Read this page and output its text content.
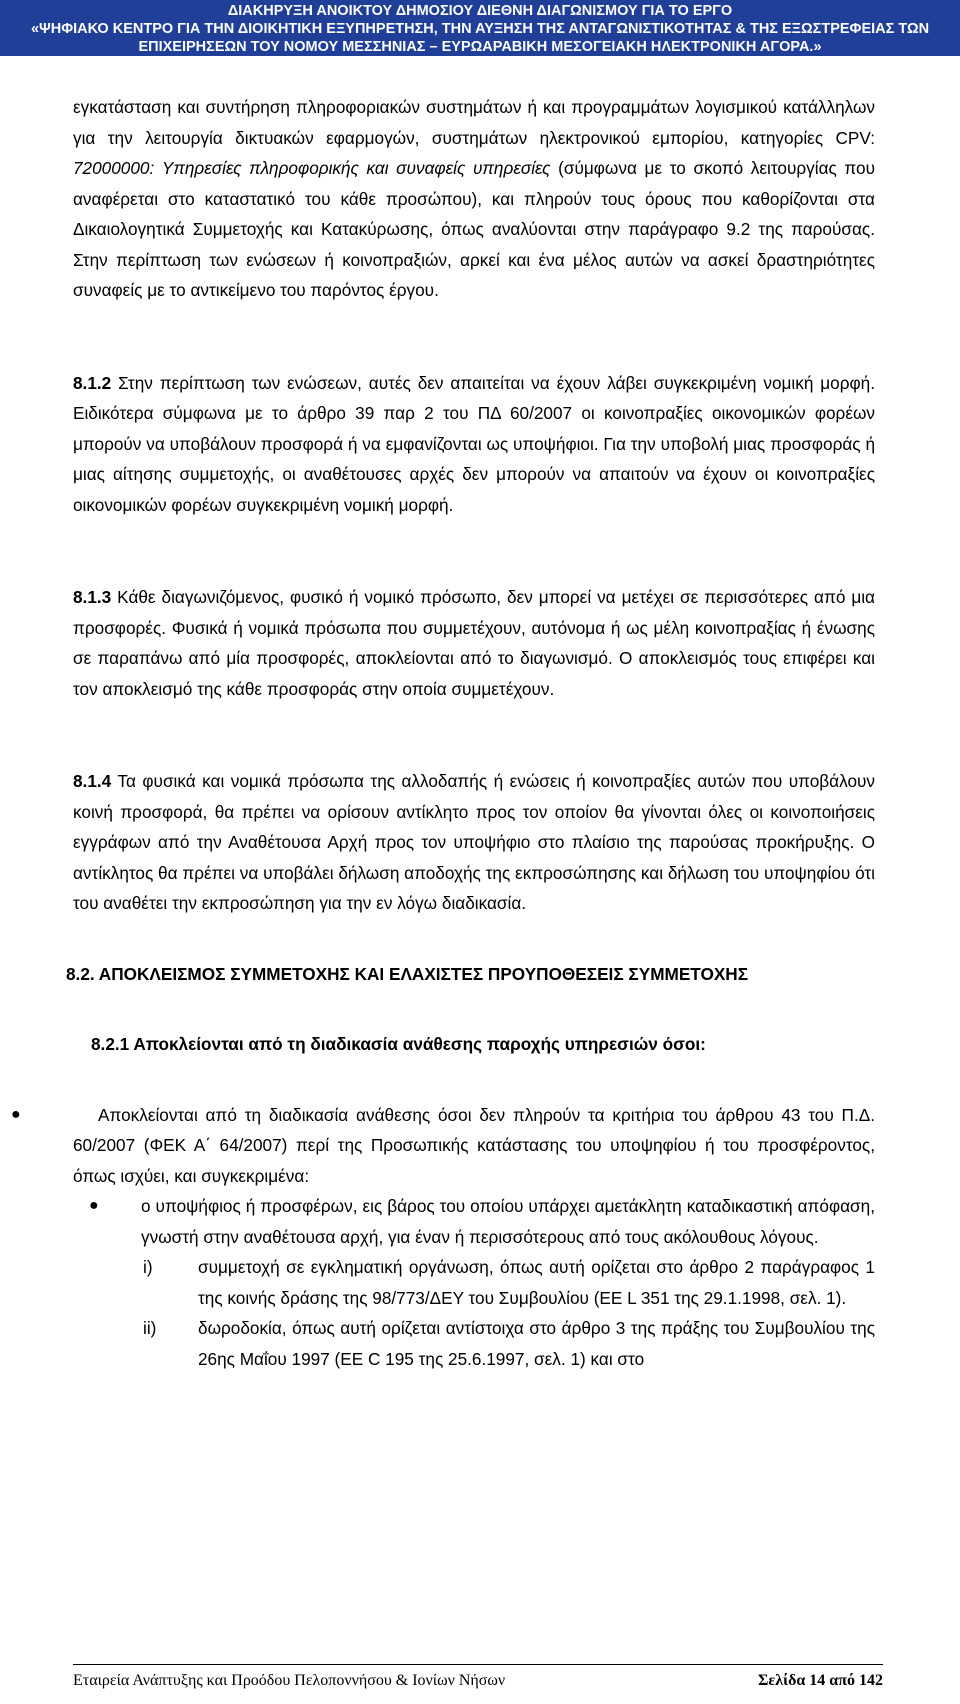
ΔΙΑΚΗΡΥΞΗ ΑΝΟΙΚΤΟΥ ΔΗΜΟΣΙΟΥ ΔΙΕΘΝΗ ΔΙΑΓΩΝΙΣΜΟΥ ΓΙΑ ΤΟ ΕΡΓΟ
«ΨΗΦΙΑΚΟ ΚΕΝΤΡΟ ΓΙΑ ΤΗΝ ΔΙΟΙΚΗΤΙΚΗ ΕΞΥΠΗΡΕΤΗΣΗ, ΤΗΝ ΑΥΞΗΣΗ ΤΗΣ ΑΝΤΑΓΩΝΙΣΤΙΚΟΤΗΤΑΣ & ΤΗΣ ΕΞΩΣΤΡΕΦΕΙΑΣ ΤΩΝ
ΕΠΙΧΕΙΡΗΣΕΩΝ ΤΟΥ ΝΟΜΟΥ ΜΕΣΣΗΝΙΑΣ – ΕΥΡΩΑΡΑΒΙΚΗ ΜΕΣΟΓΕΙΑΚΗ ΗΛΕΚΤΡΟΝΙΚΗ ΑΓΟΡΑ.»

εγκατάσταση και συντήρηση πληροφοριακών συστημάτων ή και προγραμμάτων λογισμικού κατάλληλων για την λειτουργία δικτυακών εφαρμογών, συστημάτων ηλεκτρονικού εμπορίου, κατηγορίες CPV: 72000000: Υπηρεσίες πληροφορικής και συναφείς υπηρεσίες (σύμφωνα με το σκοπό λειτουργίας που αναφέρεται στο καταστατικό του κάθε προσώπου), και πληρούν τους όρους που καθορίζονται στα Δικαιολογητικά Συμμετοχής και Κατακύρωσης, όπως αναλύονται στην παράγραφο 9.2 της παρούσας. Στην περίπτωση των ενώσεων ή κοινοπραξιών, αρκεί και ένα μέλος αυτών να ασκεί δραστηριότητες συναφείς με το αντικείμενο του παρόντος έργου.

8.1.2 Στην περίπτωση των ενώσεων, αυτές δεν απαιτείται να έχουν λάβει συγκεκριμένη νομική μορφή. Ειδικότερα σύμφωνα με το άρθρο 39 παρ 2 του ΠΔ 60/2007 οι κοινοπραξίες οικονομικών φορέων μπορούν να υποβάλουν προσφορά ή να εμφανίζονται ως υποψήφιοι. Για την υποβολή μιας προσφοράς ή μιας αίτησης συμμετοχής, οι αναθέτουσες αρχές δεν μπορούν να απαιτούν να έχουν οι κοινοπραξίες οικονομικών φορέων συγκεκριμένη νομική μορφή.

8.1.3 Κάθε διαγωνιζόμενος, φυσικό ή νομικό πρόσωπο, δεν μπορεί να μετέχει σε περισσότερες από μια προσφορές. Φυσικά ή νομικά πρόσωπα που συμμετέχουν, αυτόνομα ή ως μέλη κοινοπραξίας ή ένωσης σε παραπάνω από μία προσφορές, αποκλείονται από το διαγωνισμό. Ο αποκλεισμός τους επιφέρει και τον αποκλεισμό της κάθε προσφοράς στην οποία συμμετέχουν.

8.1.4 Τα φυσικά και νομικά πρόσωπα της αλλοδαπής ή ενώσεις ή κοινοπραξίες αυτών που υποβάλουν κοινή προσφορά, θα πρέπει να ορίσουν αντίκλητο προς τον οποίον θα γίνονται όλες οι κοινοποιήσεις εγγράφων από την Αναθέτουσα Αρχή προς τον υποψήφιο στο πλαίσιο της παρούσας προκήρυξης. Ο αντίκλητος θα πρέπει να υποβάλει δήλωση αποδοχής της εκπροσώπησης και δήλωση του υποψηφίου ότι του αναθέτει την εκπροσώπηση για την εν λόγω διαδικασία.

8.2. ΑΠΟΚΛΕΙΣΜΟΣ ΣΥΜΜΕΤΟΧΗΣ ΚΑΙ ΕΛΑΧΙΣΤΕΣ ΠΡΟΥΠΟΘΕΣΕΙΣ ΣΥΜΜΕΤΟΧΗΣ
8.2.1 Αποκλείονται από τη διαδικασία ανάθεσης παροχής υπηρεσιών όσοι:
●	Αποκλείονται από τη διαδικασία ανάθεσης όσοι δεν πληρούν τα κριτήρια του άρθρου 43 του Π.Δ. 60/2007 (ΦΕΚ Α΄ 64/2007) περί της Προσωπικής κατάστασης του υποψηφίου ή του προσφέροντος, όπως ισχύει, και συγκεκριμένα:

● ο υποψήφιος ή προσφέρων, εις βάρος του οποίου υπάρχει αμετάκλητη καταδικαστική απόφαση, γνωστή στην αναθέτουσα αρχή, για έναν ή περισσότερους από τους ακόλουθους λόγους.

i)	συμμετοχή σε εγκληματική οργάνωση, όπως αυτή ορίζεται στο άρθρο 2 παράγραφος 1 της κοινής δράσης της 98/773/ΔΕΥ του Συμβουλίου (ΕΕ L 351 της 29.1.1998, σελ. 1).

ii) δωροδοκία, όπως αυτή ορίζεται αντίστοιχα στο άρθρο 3 της πράξης του Συμβουλίου της 26ης Μαΐου 1997 (ΕΕ C 195 της 25.6.1997, σελ. 1) και στο

Εταιρεία Ανάπτυξης και Προόδου Πελοποννήσου & Ιονίων Νήσων	Σελίδα 14 από 142
